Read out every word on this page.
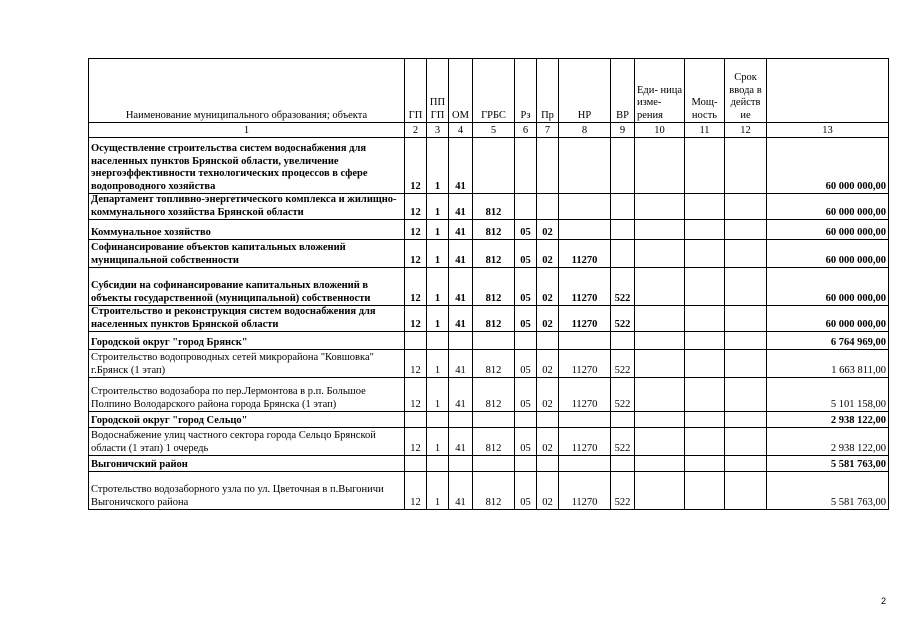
Наименование муниципального образования; объекта	ГП	ПП ГП	ОМ	ГРБС	Рз	Пр	НР	ВР	Еди- ница изме- рения	Мощ- ность	Срок ввода в действ ие	
1	2	3	4	5	6	7	8	9	10	11	12	13
Осуществление строительства систем водоснабжения для населенных пунктов Брянской области, увеличение энергоэффективности технологических процессов в сфере водопроводного хозяйства	12	1	41									60 000 000,00
Департамент топливно-энергетического комплекса и жилищно-коммунального хозяйства Брянской области	12	1	41	812								60 000 000,00
Коммунальное хозяйство	12	1	41	812	05	02						60 000 000,00
Софинансирование объектов капитальных вложений муниципальной собственности	12	1	41	812	05	02	11270					60 000 000,00
Субсидии на софинансирование капитальных вложений в объекты государственной (муниципальной) собственности	12	1	41	812	05	02	11270	522				60 000 000,00
Строительство и реконструкция систем водоснабжения для населенных пунктов Брянской области	12	1	41	812	05	02	11270	522				60 000 000,00
Городской округ "город Брянск"												6 764 969,00
Строительство водопроводных сетей микрорайона "Ковшовка" г.Брянск (1 этап)	12	1	41	812	05	02	11270	522				1 663 811,00
Строительство водозабора по пер.Лермонтова в р.п. Большое Полпино Володарского района города Брянска (1 этап)	12	1	41	812	05	02	11270	522				5 101 158,00
Городской округ "город Сельцо"												2 938 122,00
Водоснабжение улиц частного сектора города Сельцо Брянской области (1 этап) 1 очередь	12	1	41	812	05	02	11270	522				2 938 122,00
Выгоничский район												5 581 763,00
Стротельство водозаборного узла по ул. Цветочная в п.Выгоничи Выгоничского района	12	1	41	812	05	02	11270	522				5 581 763,00
2
